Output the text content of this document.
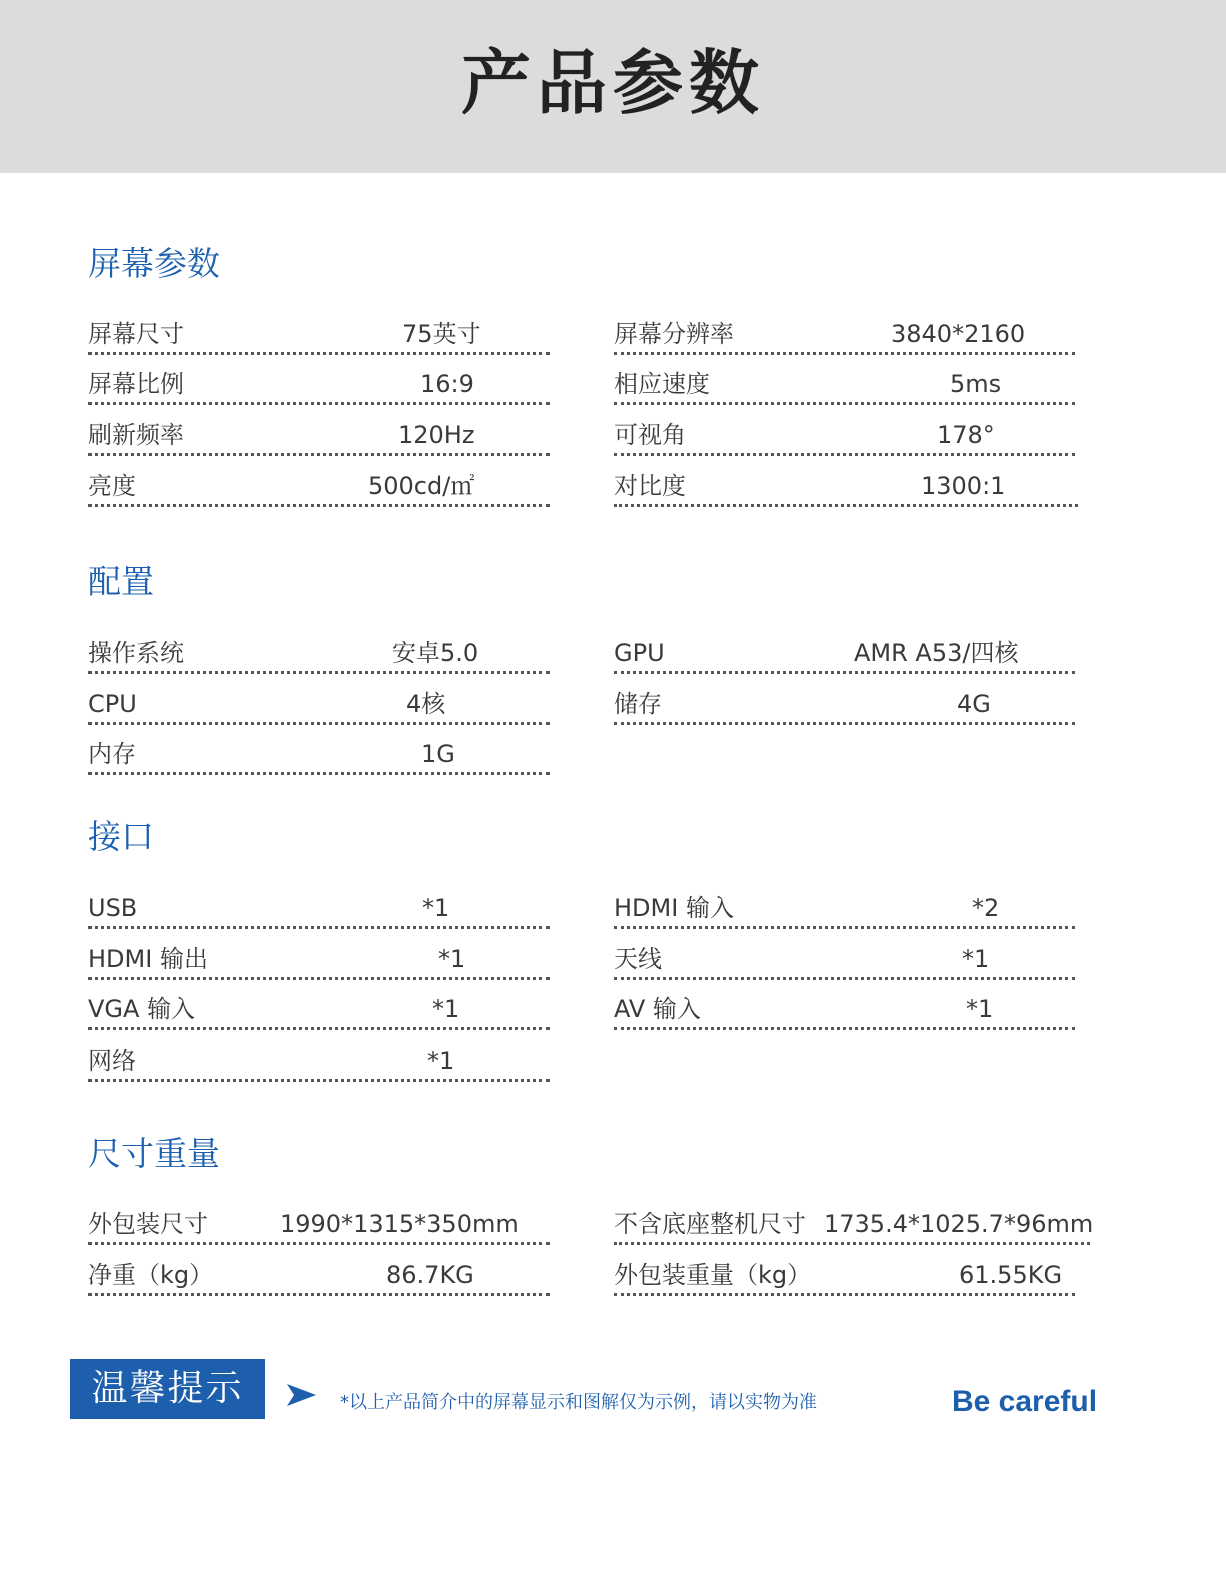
产品参数
屏幕参数
屏幕尺寸	75英寸	屏幕分辨率	3840*2160
屏幕比例	16:9	相应速度	5ms
刷新频率	120Hz	可视角	178°
亮度	500cd/㎡	对比度	1300:1
配置
操作系统	安卓5.0	GPU	AMR A53/四核
CPU	4核	储存	4G
内存	1G
接口
USB	*1	HDMI 输入	*2
HDMI 输出	*1	天线	*1
VGA 输入	*1	AV 输入	*1
网络	*1
尺寸重量
外包装尺寸	1990*1315*350mm	不含底座整机尺寸 1735.4*1025.7*96mm
净重（kg）	86.7KG	外包装重量（kg）	61.55KG
温馨提示	*以上产品简介中的屏幕显示和图解仅为示例，请以实物为准	Be careful
